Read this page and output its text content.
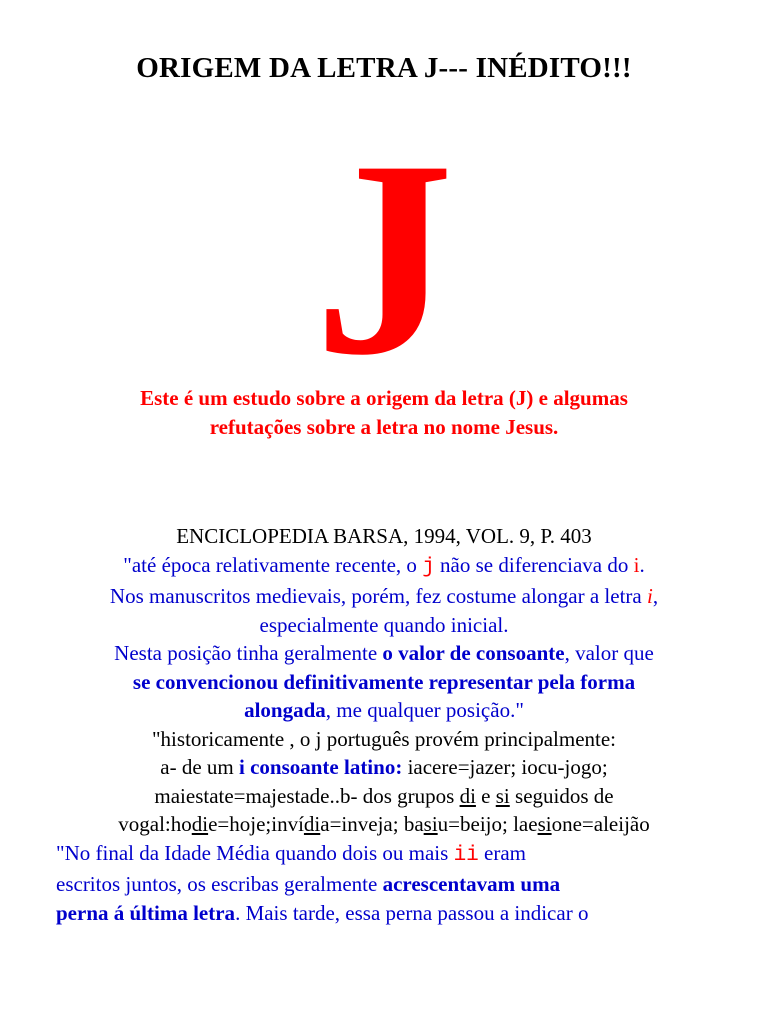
ORIGEM DA LETRA J--- INÉDITO!!!
J
Este é um estudo sobre a origem da letra (J) e algumas
refutações sobre a letra no nome Jesus.
ENCICLOPEDIA BARSA, 1994, VOL. 9, P. 403
"até época relativamente recente, o j não se diferenciava do i.
Nos manuscritos medievais, porém, fez costume alongar a letra i,
especialmente quando inicial.
Nesta posição tinha geralmente o valor de consoante, valor que
se convencionou definitivamente representar pela forma
alongada, me qualquer posição."
"historicamente , o j português provém principalmente:
a- de um i consoante latino: iacere=jazer; iocu-jogo;
maiestate=majestade..b- dos grupos di e si seguidos de
vogal:hodie=hoje;invídia=inveja; basiu=beijo; laesione=aleijão
"No final da Idade Média quando dois ou mais ii eram
escritos juntos, os escribas geralmente acrescentavam uma
perna á última letra. Mais tarde, essa perna passou a indicar o
